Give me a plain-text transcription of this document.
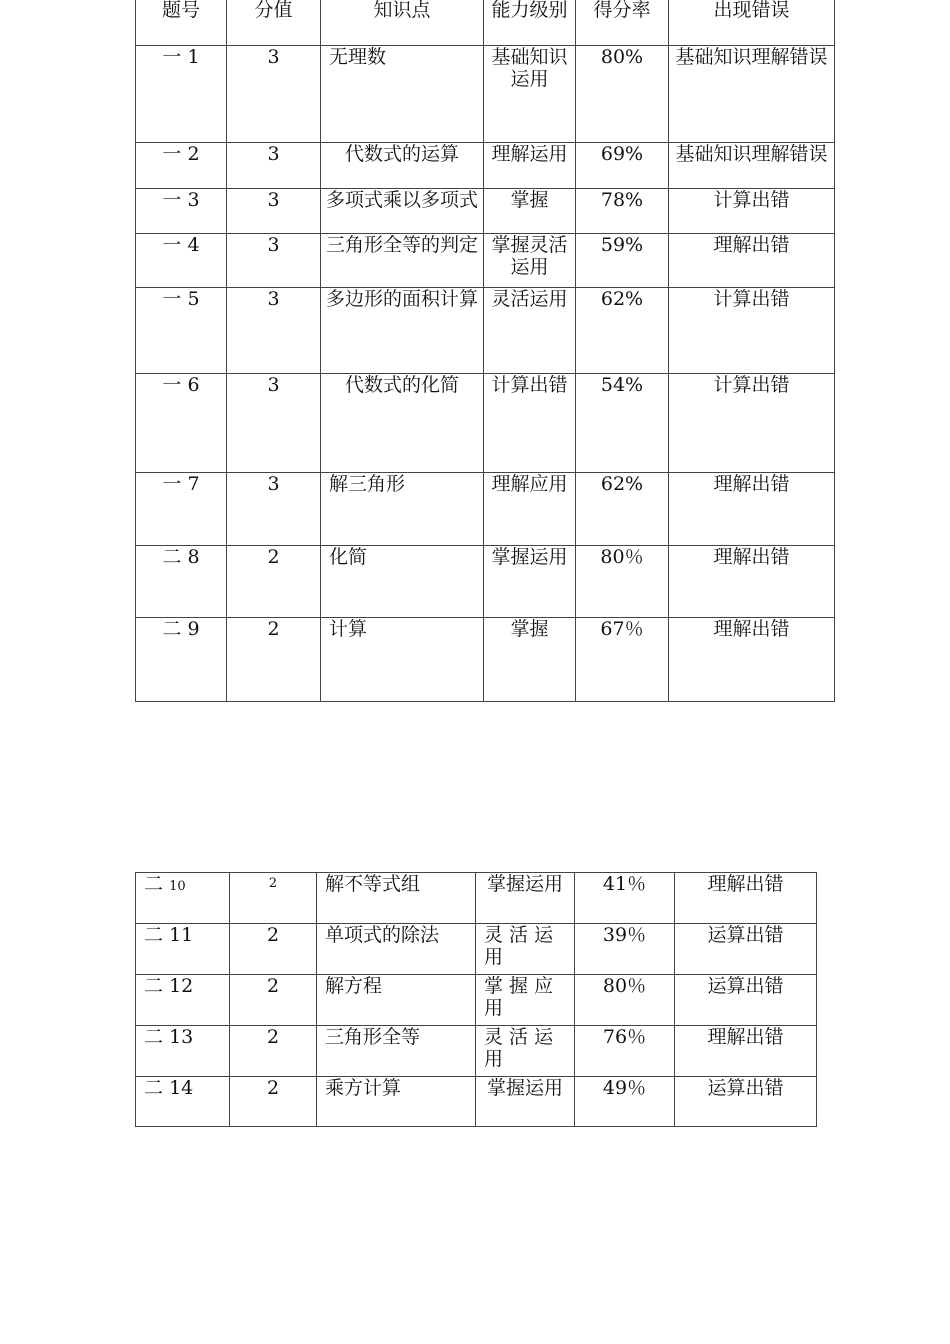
题号	分值	知识点	能力级别	得分率	出现错误
一 1	3	无理数	基础知识运用	80%	基础知识理解错误
一 2	3	代数式的运算	理解运用	69%	基础知识理解错误
一 3	3	多项式乘以多项式	掌握	78%	计算出错
一 4	3	三角形全等的判定	掌握灵活运用	59%	理解出错
一 5	3	多边形的面积计算	灵活运用	62%	计算出错
一 6	3	代数式的化简	计算出错	54%	计算出错
一 7	3	解三角形	理解应用	62%	理解出错
二 8	2	化简	掌握运用	80％	理解出错
二 9	2	计算	掌握	67％	理解出错
二 10	2	解不等式组	掌握运用	41％	理解出错
二 11	2	单项式的除法	灵 活 运用	39％	运算出错
二 12	2	解方程	掌 握 应用	80％	运算出错
二 13	2	三角形全等	灵 活 运用	76％	理解出错
二 14	2	乘方计算	掌握运用	49％	运算出错
